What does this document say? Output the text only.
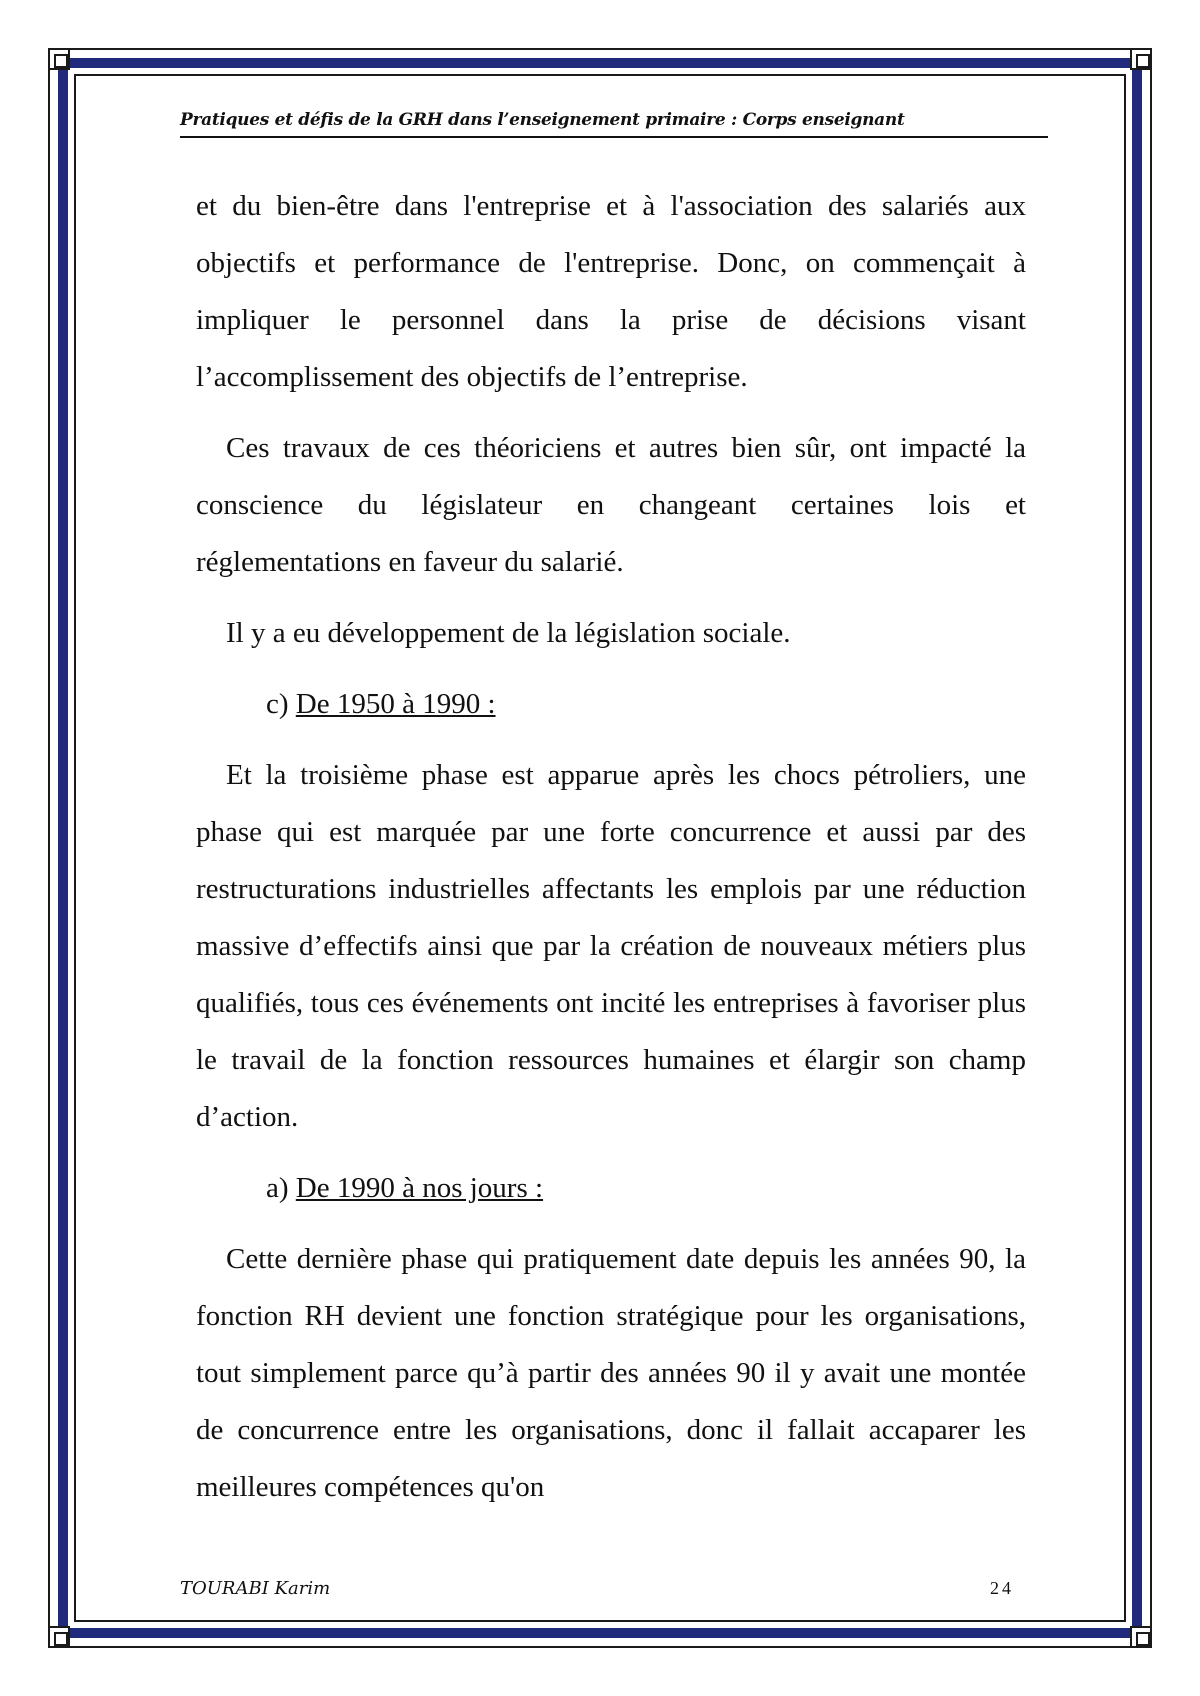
Pratiques et défis de la GRH dans l’enseignement primaire : Corps enseignant

et du bien-être dans l'entreprise et à l'association des salariés aux objectifs et performance de l'entreprise. Donc, on commençait à impliquer le personnel dans la prise de décisions visant l’accomplissement des objectifs de l’entreprise.

Ces travaux de ces théoriciens et autres bien sûr, ont impacté la conscience du législateur en changeant certaines lois et réglementations en faveur du salarié.

Il y a eu développement de la législation sociale.

c) De 1950 à 1990 :

Et la troisième phase est apparue après les chocs pétroliers, une phase qui est marquée par une forte concurrence et aussi par des restructurations industrielles affectants les emplois par une réduction massive d’effectifs ainsi que par la création de nouveaux métiers plus qualifiés, tous ces événements ont incité les entreprises à favoriser plus le travail de la fonction ressources humaines et élargir son champ d’action.

a) De 1990 à nos jours :

Cette dernière phase qui pratiquement date depuis les années 90, la fonction RH devient une fonction stratégique pour les organisations, tout simplement parce qu’à partir des années 90 il y avait une montée de concurrence entre les organisations, donc il fallait accaparer les meilleures compétences qu'on

TOURABI Karim	24
